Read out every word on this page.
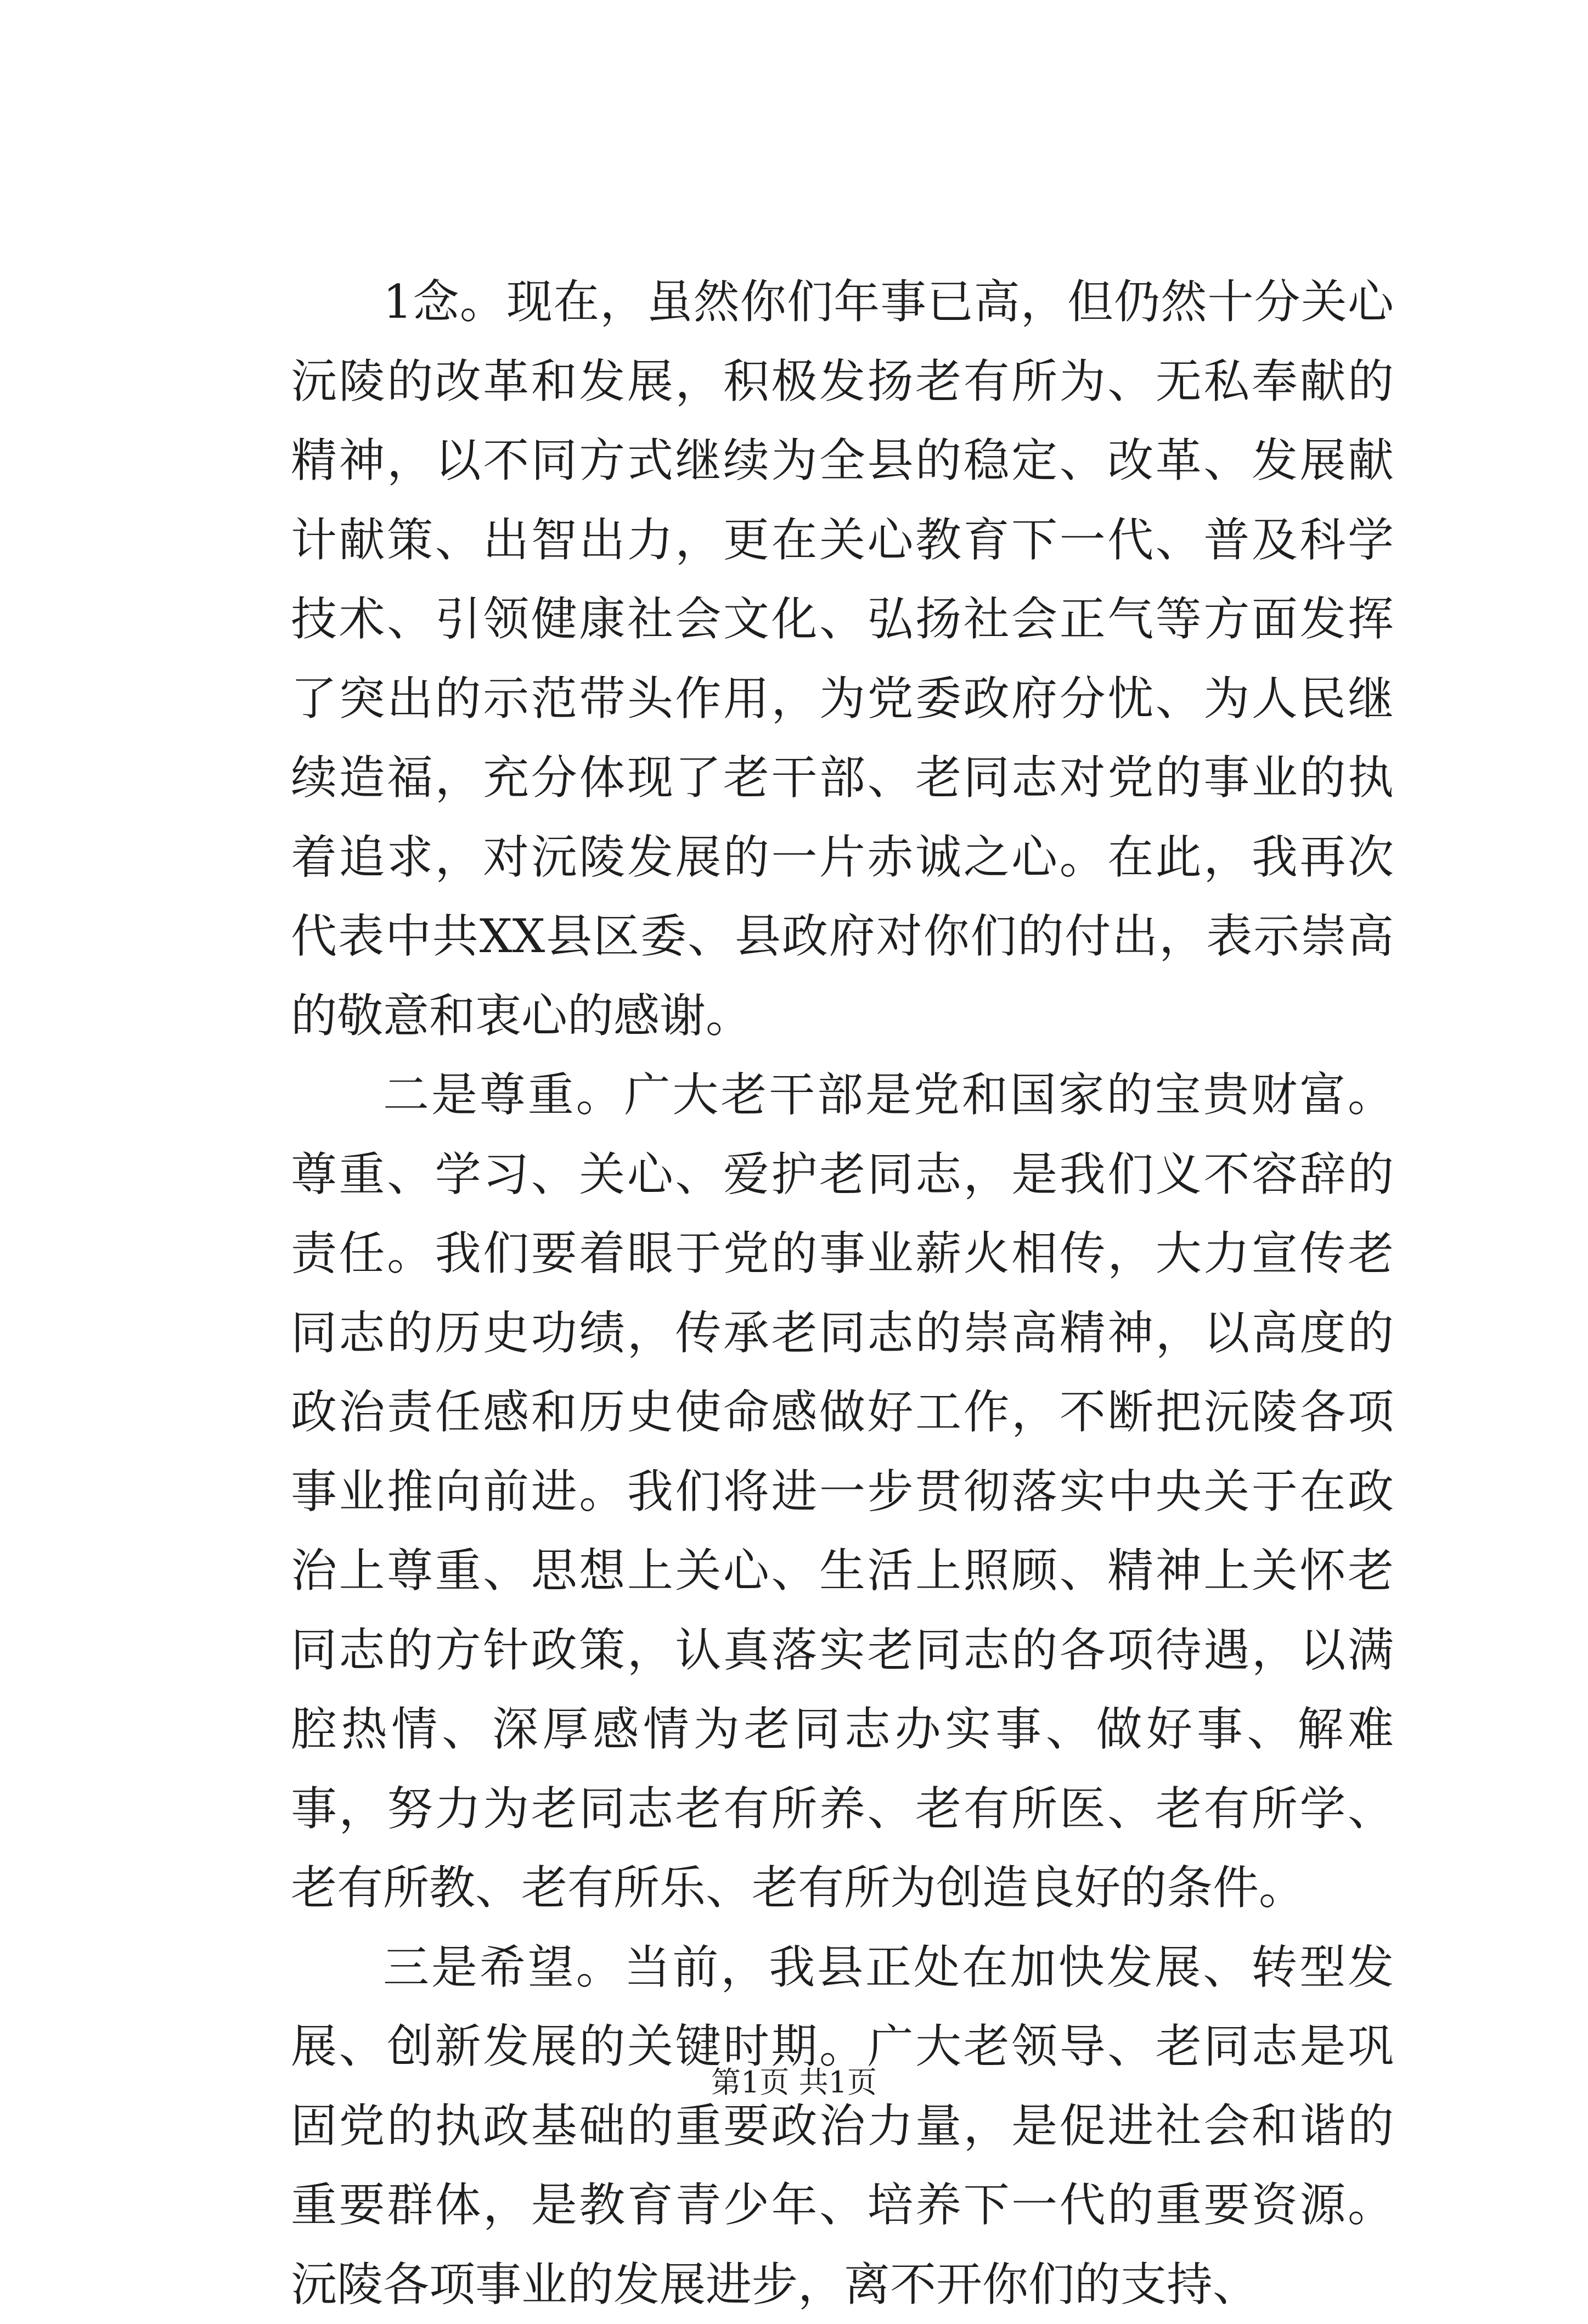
1念。现在，虽然你们年事已高，但仍然十分关心沅陵的改革和发展，积极发扬老有所为、无私奉献的精神，以不同方式继续为全县的稳定、改革、发展献计献策、出智出力，更在关心教育下一代、普及科学技术、引领健康社会文化、弘扬社会正气等方面发挥了突出的示范带头作用，为党委政府分忧、为人民继续造福，充分体现了老干部、老同志对党的事业的执着追求，对沅陵发展的一片赤诚之心。在此，我再次代表中共XX县区委、县政府对你们的付出，表示崇高的敬意和衷心的感谢。

二是尊重。广大老干部是党和国家的宝贵财富。尊重、学习、关心、爱护老同志，是我们义不容辞的责任。我们要着眼于党的事业薪火相传，大力宣传老同志的历史功绩，传承老同志的崇高精神，以高度的政治责任感和历史使命感做好工作，不断把沅陵各项事业推向前进。我们将进一步贯彻落实中央关于在政治上尊重、思想上关心、生活上照顾、精神上关怀老同志的方针政策，认真落实老同志的各项待遇，以满腔热情、深厚感情为老同志办实事、做好事、解难事，努力为老同志老有所养、老有所医、老有所学、老有所教、老有所乐、老有所为创造良好的条件。

三是希望。当前，我县正处在加快发展、转型发展、创新发展的关键时期。广大老领导、老同志是巩固党的执政基础的重要政治力量，是促进社会和谐的重要群体，是教育青少年、培养下一代的重要资源。沅陵各项事业的发展进步，离不开你们的支持、

第1页 共1页
